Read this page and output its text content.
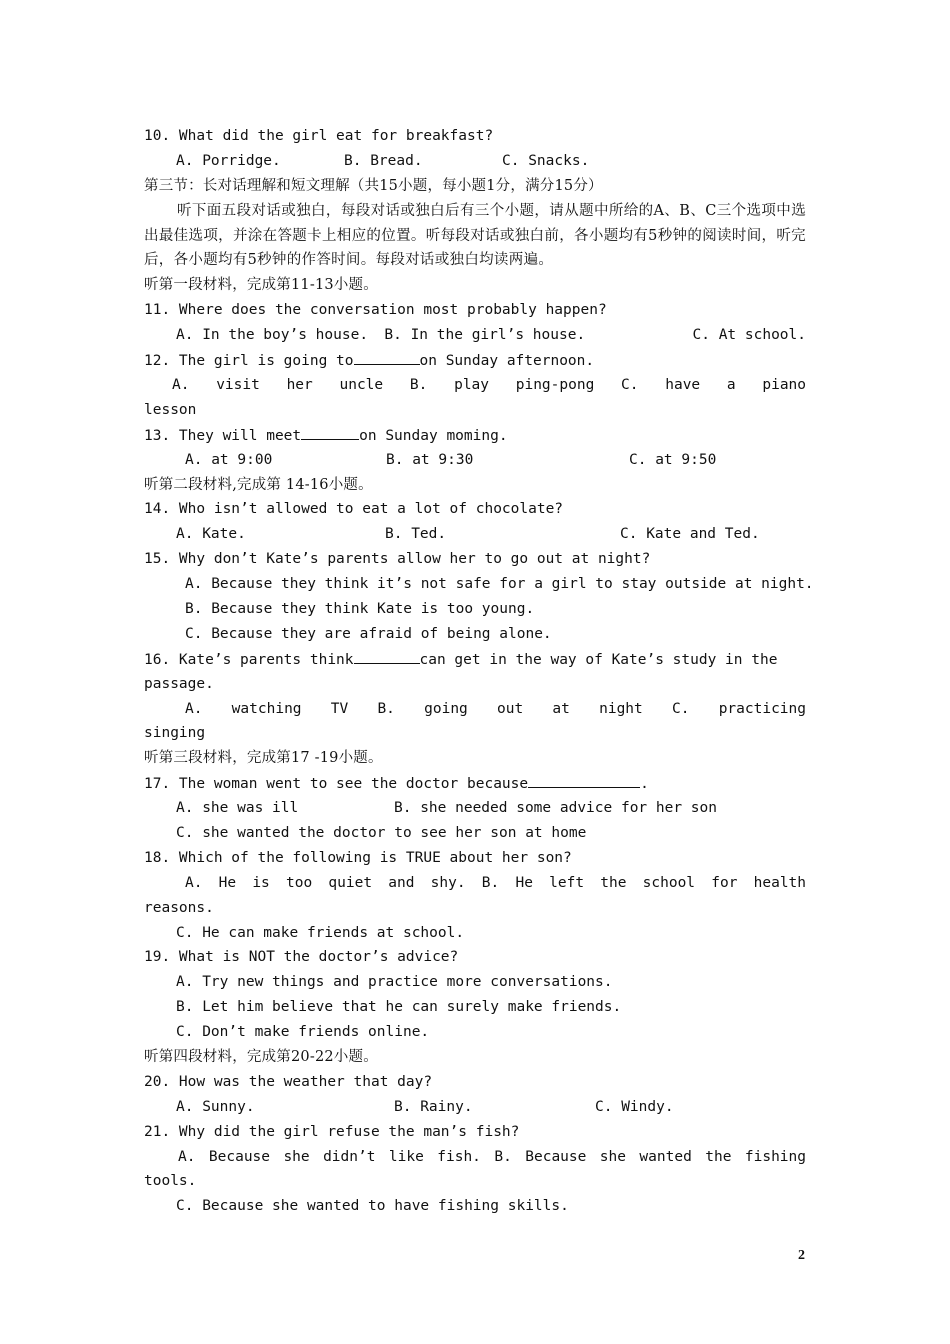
10. What did the girl eat for breakfast?
A. Porridge.	B. Bread.	C. Snacks.
第三节：长对话理解和短文理解（共15小题，每小题1分，满分15分）
听下面五段对话或独白，每段对话或独白后有三个小题，请从题中所给的A、B、C三个选项中选出最佳选项，并涂在答题卡上相应的位置。听每段对话或独白前，各小题均有5秒钟的阅读时间，听完后，各小题均有5秒钟的作答时间。每段对话或独白均读两遍。
听第一段材料，完成第11-13小题。
11. Where does the conversation most probably happen?
A. In the boy’s house.	B. In the girl’s house.	C. At school.
12. The girl is going to	on Sunday afternoon.
A. visit her uncle B. play ping-pong C. have a piano
lesson
13. They will meet	on Sunday moming.
A. at 9:00	B. at 9:30	C. at 9:50
听第二段材料,完成第 14-16小题。
14. Who isn’t allowed to eat a lot of chocolate?
A. Kate.	B. Ted.	C. Kate and Ted.
15. Why don’t Kate’s parents allow her to go out at night?
A. Because they think it’s not safe for a girl to stay outside at night.
B. Because they think Kate is too young.
C. Because they are afraid of being alone.
16. Kate’s parents think	can get in the way of Kate’s study in the
passage.
A. watching TV B. going out at night C. practicing
singing
听第三段材料，完成第17 -19小题。
17. The woman went to see the doctor because	.
A. she was ill	B. she needed some advice for her son
C. she wanted the doctor to see her son at home
18. Which of the following is TRUE about her son?
A. He is too quiet and shy. B. He left the school for health
reasons.
C. He can make friends at school.
19. What is NOT the doctor’s advice?
A. Try new things and practice more conversations.
B. Let him believe that he can surely make friends.
C. Don’t make friends online.
听第四段材料，完成第20-22小题。
20. How was the weather that day?
A. Sunny.	B. Rainy.	C. Windy.
21. Why did the girl refuse the man’s fish?
A. Because she didn’t like fish. B. Because she wanted the fishing
tools.
C. Because she wanted to have fishing skills.
2
